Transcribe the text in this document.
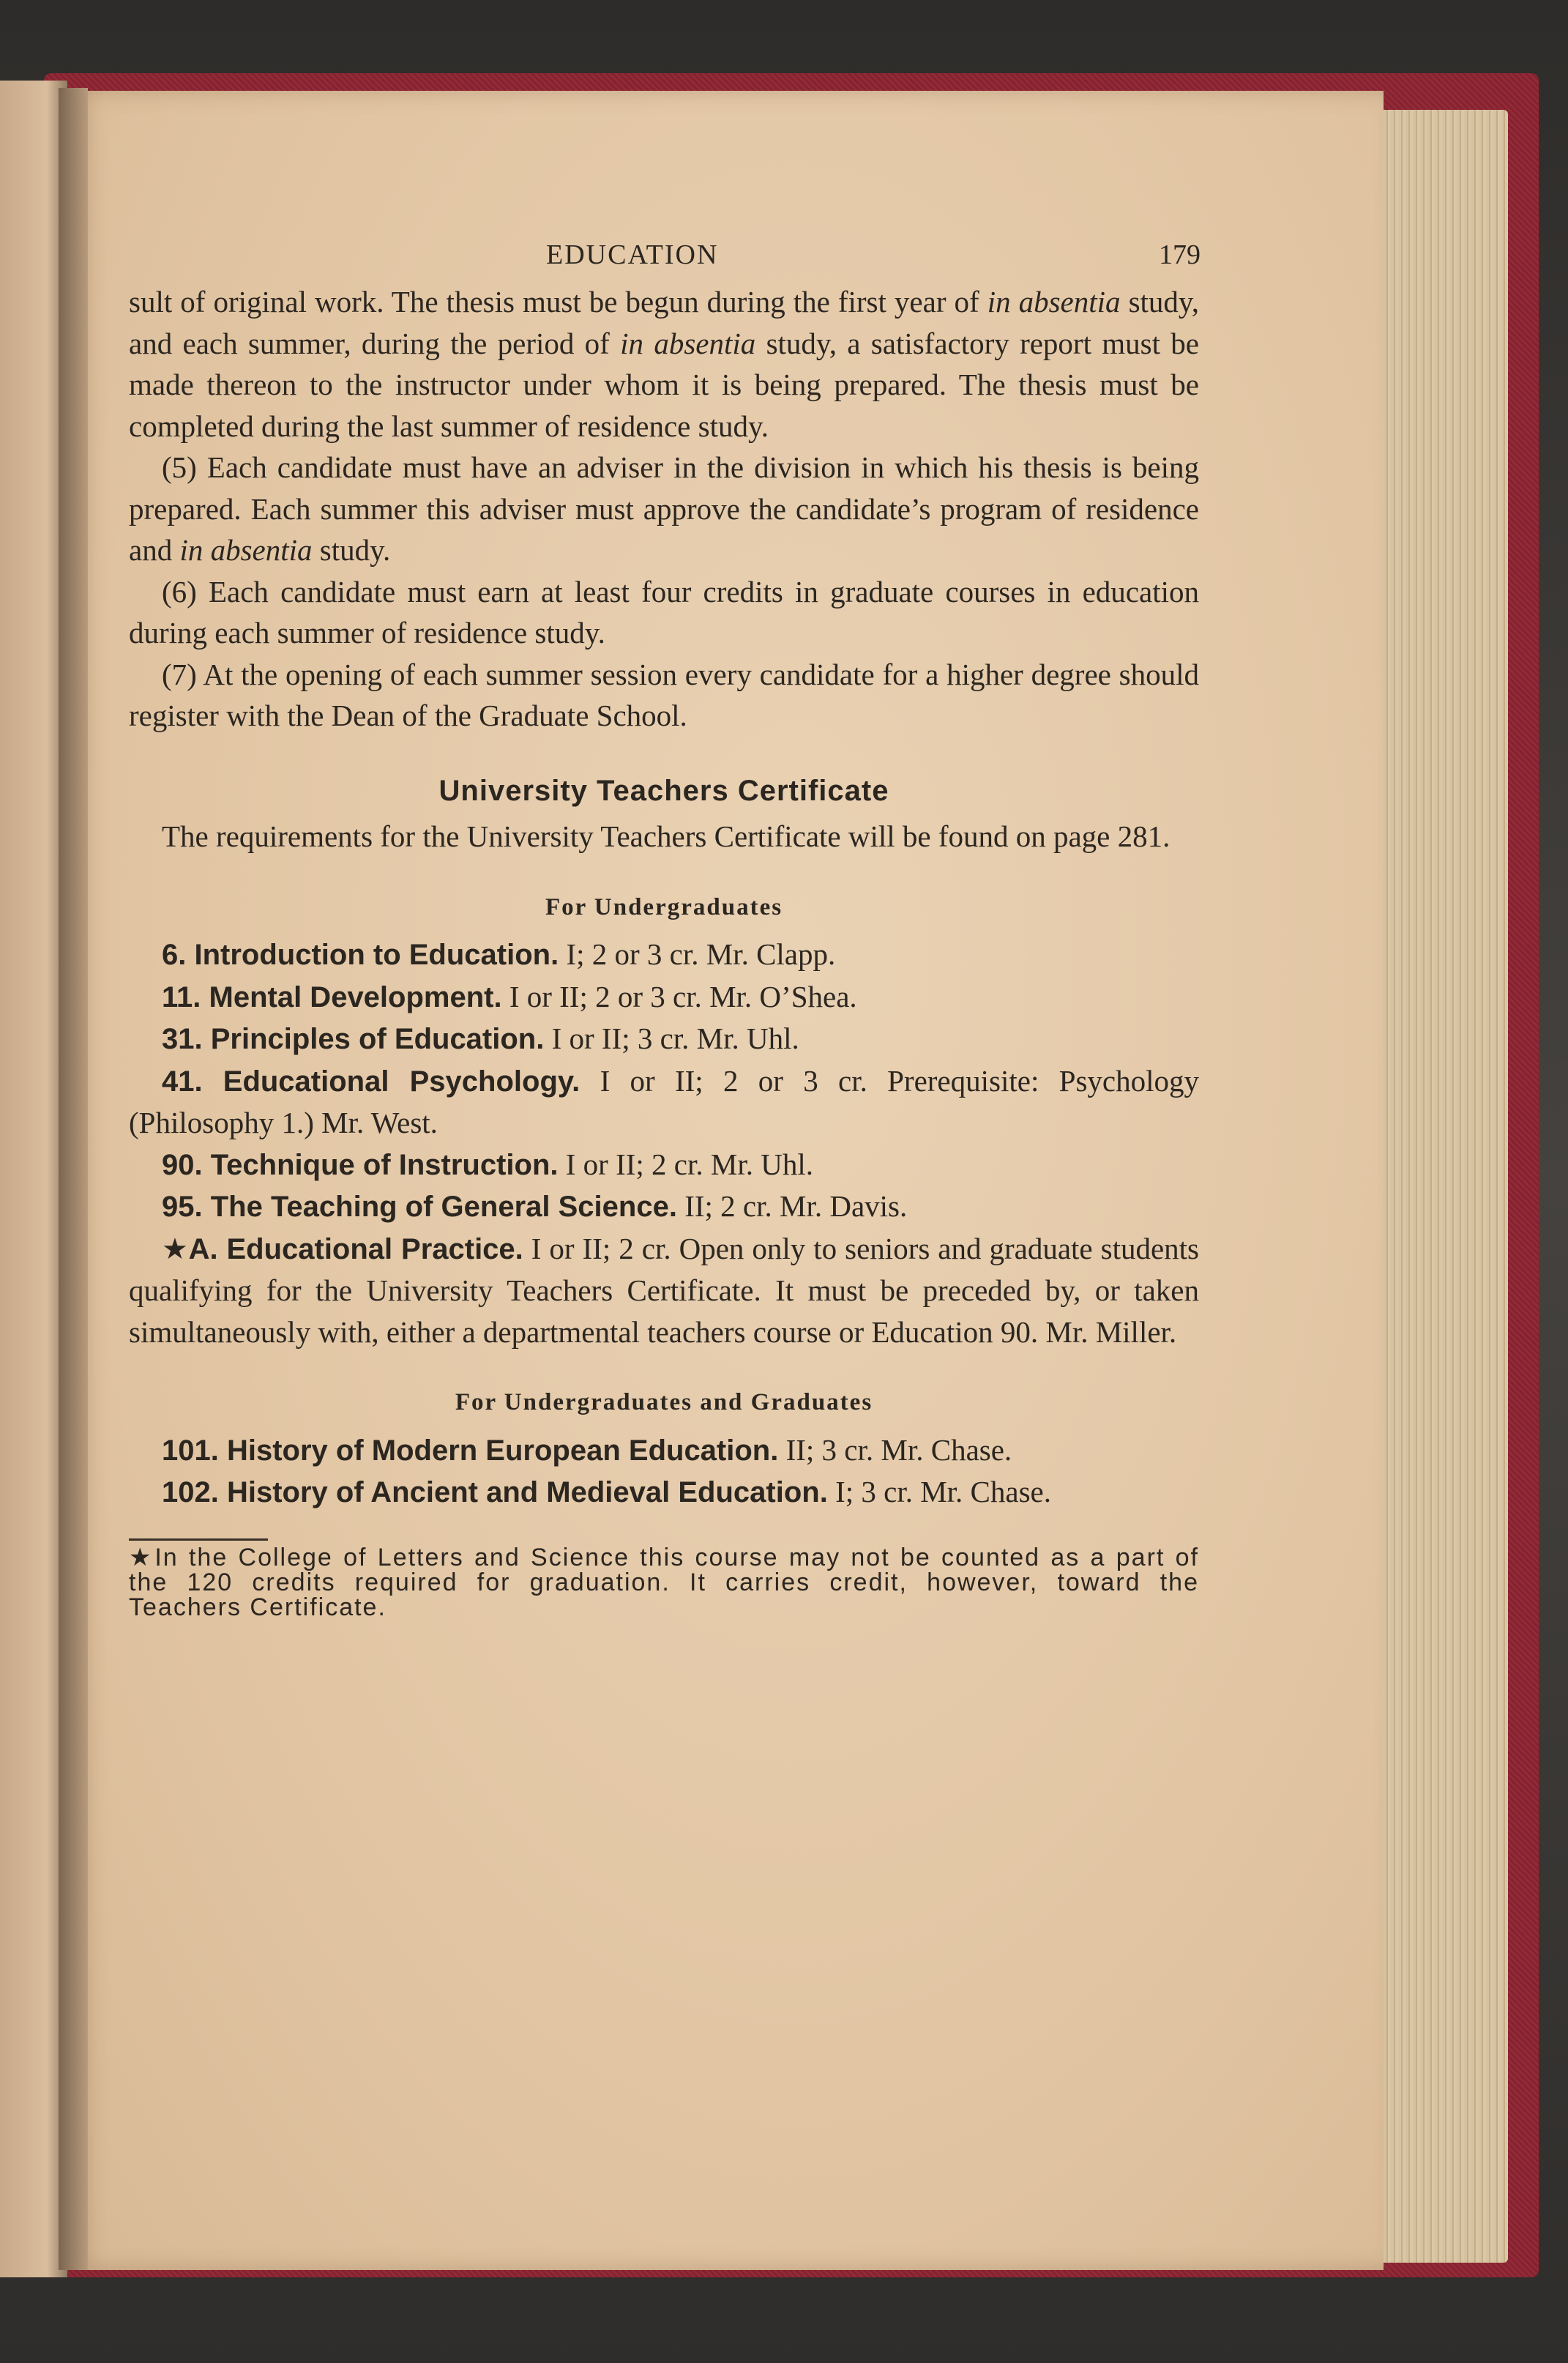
EDUCATION	179

sult of original work. The thesis must be begun during the first year of in absentia study, and each summer, during the period of in absentia study, a satisfactory report must be made thereon to the instructor under whom it is being prepared. The thesis must be completed during the last summer of residence study.

(5) Each candidate must have an adviser in the division in which his thesis is being prepared. Each summer this adviser must approve the candidate’s program of residence and in absentia study.

(6) Each candidate must earn at least four credits in graduate courses in education during each summer of residence study.

(7) At the opening of each summer session every candidate for a higher degree should register with the Dean of the Graduate School.

University Teachers Certificate

The requirements for the University Teachers Certificate will be found on page 281.

For Undergraduates

6. Introduction to Education. I; 2 or 3 cr. Mr. Clapp.

11. Mental Development. I or II; 2 or 3 cr. Mr. O’Shea.

31. Principles of Education. I or II; 3 cr. Mr. Uhl.

41. Educational Psychology. I or II; 2 or 3 cr. Prerequisite: Psychology (Philosophy 1.) Mr. West.

90. Technique of Instruction. I or II; 2 cr. Mr. Uhl.

95. The Teaching of General Science. II; 2 cr. Mr. Davis.

★A. Educational Practice. I or II; 2 cr. Open only to seniors and graduate students qualifying for the University Teachers Certificate. It must be preceded by, or taken simultaneously with, either a departmental teachers course or Education 90. Mr. Miller.

For Undergraduates and Graduates

101. History of Modern European Education. II; 3 cr. Mr. Chase.

102. History of Ancient and Medieval Education. I; 3 cr. Mr. Chase.

★In the College of Letters and Science this course may not be counted as a part of the 120 credits required for graduation. It carries credit, however, toward the Teachers Certificate.
